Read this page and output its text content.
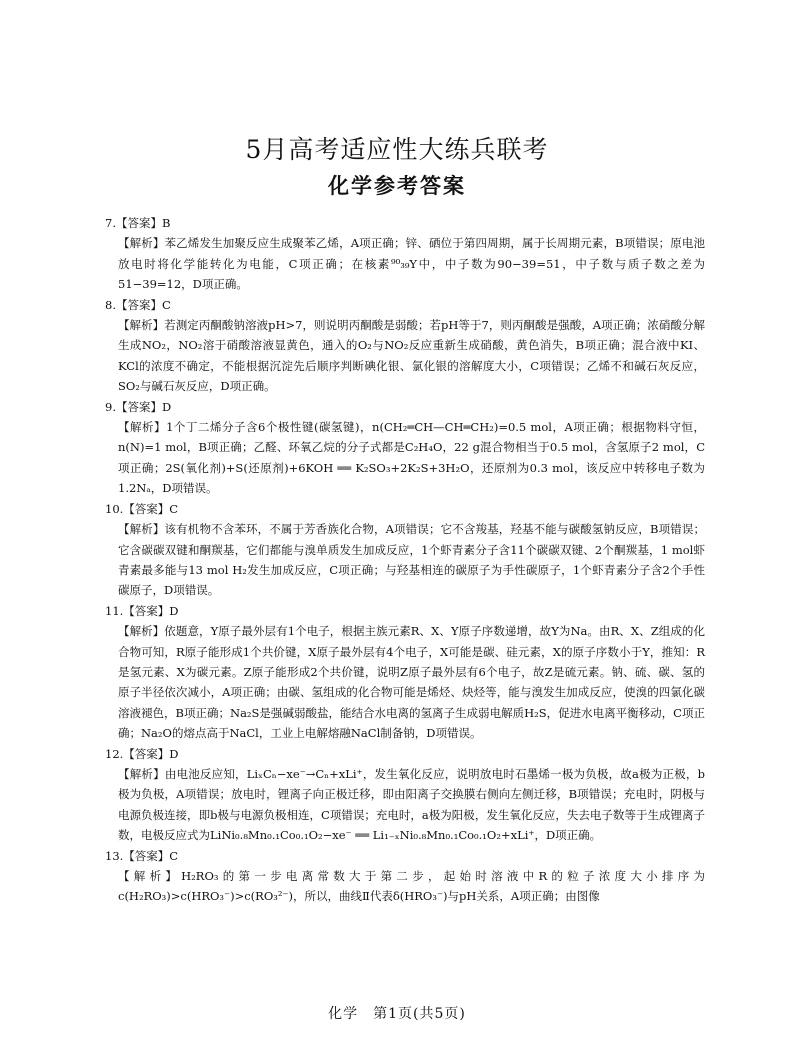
5月高考适应性大练兵联考
化学参考答案
7.【答案】B
【解析】苯乙烯发生加聚反应生成聚苯乙烯，A项正确；锌、硒位于第四周期，属于长周期元素，B项错误；原电池放电时将化学能转化为电能，C项正确；在核素⁹⁰₃₉Y中，中子数为90−39=51，中子数与质子数之差为51−39=12，D项正确。
8.【答案】C
【解析】若测定丙酮酸钠溶液pH>7，则说明丙酮酸是弱酸；若pH等于7，则丙酮酸是强酸，A项正确；浓硝酸分解生成NO₂，NO₂溶于硝酸溶液显黄色，通入的O₂与NO₂反应重新生成硝酸，黄色消失，B项正确；混合液中KI、KCl的浓度不确定，不能根据沉淀先后顺序判断碘化银、氯化银的溶解度大小，C项错误；乙烯不和碱石灰反应，SO₂与碱石灰反应，D项正确。
9.【答案】D
【解析】1个丁二烯分子含6个极性键(碳氢键)，n(CH₂═CH—CH═CH₂)=0.5 mol，A项正确；根据物料守恒，n(N)=1 mol，B项正确；乙醛、环氧乙烷的分子式都是C₂H₄O，22 g混合物相当于0.5 mol，含氢原子2 mol，C项正确；2S(氧化剂)+S(还原剂)+6KOH ══ K₂SO₃+2K₂S+3H₂O，还原剂为0.3 mol，该反应中转移电子数为1.2Nₐ，D项错误。
10.【答案】C
【解析】该有机物不含苯环，不属于芳香族化合物，A项错误；它不含羧基，羟基不能与碳酸氢钠反应，B项错误；它含碳碳双键和酮羰基，它们都能与溴单质发生加成反应，1个虾青素分子含11个碳碳双键、2个酮羰基，1 mol虾青素最多能与13 mol H₂发生加成反应，C项正确；与羟基相连的碳原子为手性碳原子，1个虾青素分子含2个手性碳原子，D项错误。
11.【答案】D
【解析】依题意，Y原子最外层有1个电子，根据主族元素R、X、Y原子序数递增，故Y为Na。由R、X、Z组成的化合物可知，R原子能形成1个共价键，X原子最外层有4个电子，X可能是碳、硅元素，X的原子序数小于Y，推知：R是氢元素、X为碳元素。Z原子能形成2个共价键，说明Z原子最外层有6个电子，故Z是硫元素。钠、硫、碳、氢的原子半径依次减小，A项正确；由碳、氢组成的化合物可能是烯烃、炔烃等，能与溴发生加成反应，使溴的四氯化碳溶液褪色，B项正确；Na₂S是强碱弱酸盐，能结合水电离的氢离子生成弱电解质H₂S，促进水电离平衡移动，C项正确；Na₂O的熔点高于NaCl，工业上电解熔融NaCl制备钠，D项错误。
12.【答案】D
【解析】由电池反应知，LiₓCₙ−xe⁻→Cₙ+xLi⁺，发生氧化反应，说明放电时石墨烯一极为负极，故a极为正极，b极为负极，A项错误；放电时，锂离子向正极迁移，即由阳离子交换膜右侧向左侧迁移，B项错误；充电时，阴极与电源负极连接，即b极与电源负极相连，C项错误；充电时，a极为阳极，发生氧化反应，失去电子数等于生成锂离子数，电极反应式为LiNi₀.₈Mn₀.₁Co₀.₁O₂−xe⁻ ══ Li₁₋ₓNi₀.₈Mn₀.₁Co₀.₁O₂+xLi⁺，D项正确。
13.【答案】C
【解析】H₂RO₃的第一步电离常数大于第二步，起始时溶液中R的粒子浓度大小排序为c(H₂RO₃)>c(HRO₃⁻)>c(RO₃²⁻)，所以，曲线Ⅱ代表δ(HRO₃⁻)与pH关系，A项正确；由图像
化学　第1页(共5页)
